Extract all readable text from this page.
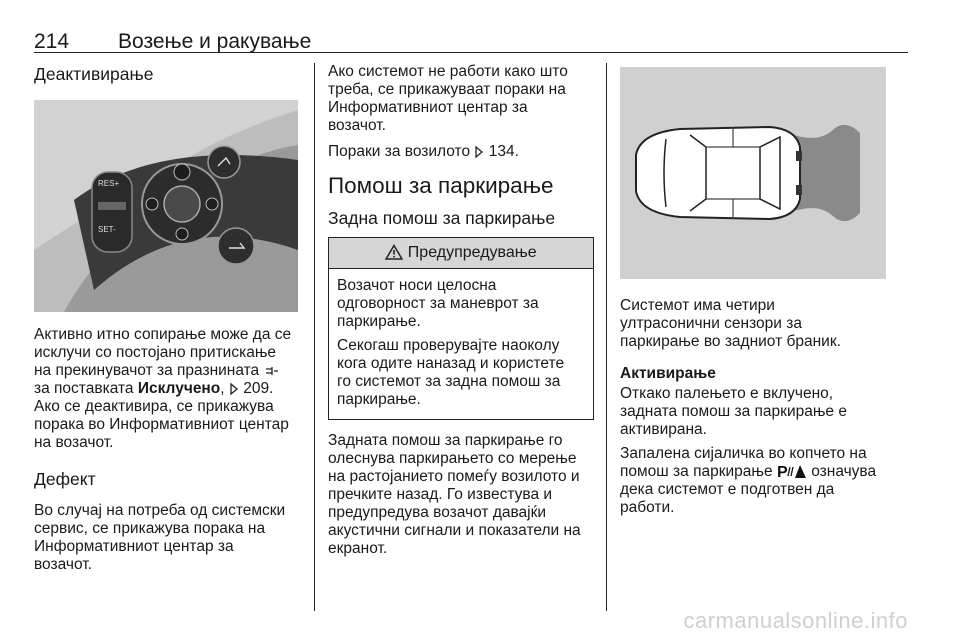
214 Возење и ракување
Деактивирање
RES+
SET-
Активно итно сопирање може да се
исклучи со постојано притискање
на прекинувачот за празнината
за поставката Исклучено,  209.
Ако се деактивира, се прикажува
порака во Информативниот центар
на возачот.
Дефект
Во случај на потреба од системски
сервис, се прикажува порака на
Информативниот центар за
возачот.
Ако системот не работи како што
треба, се прикажуваат пораки на
Информативниот центар за
возачот.
Пораки за возилото 134.
Помош за паркирање
Задна помош за паркирање
Предупредување

Возачот носи целосна
одговорност за маневрот за
паркирање.

Секогаш проверувајте наоколу
кога одите наназад и користете
го системот за задна помош за
паркирање.

Задната помош за паркирање го
олеснува паркирањето со мерење
на растојанието помеѓу возилото и
пречките назад. Го известува и
предупредува возачот давајќи
акустични сигнали и показатели на
екранот.
Системот има четири
ултрасонични сензори за
паркирање во задниот браник.
Активирање
Откако палењето е вклучено,
задната помош за паркирање е
активирана.
Запалена сијаличка во копчето на
помош за паркирање P означува
дека системот е подготвен да
работи.
carmanualsonline.info
